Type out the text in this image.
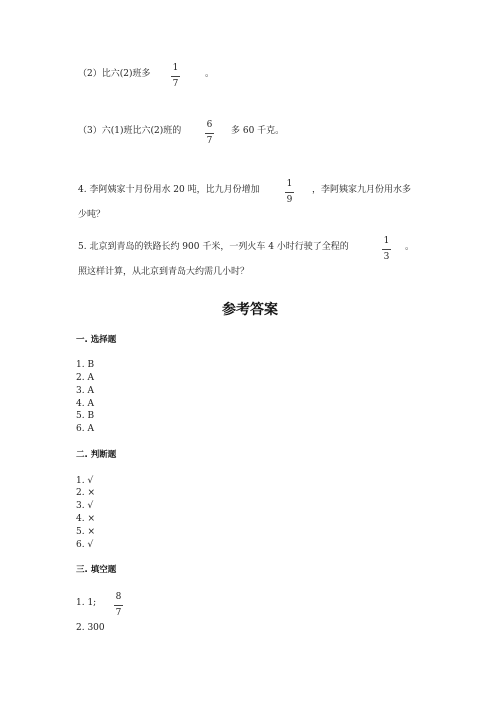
（2）比六(2)班多
1
7
。
（3）六(1)班比六(2)班的
6
7
多 60 千克。
4. 李阿姨家十月份用水 20 吨，比九月份增加
1
9
，李阿姨家九月份用水多
少吨？
5. 北京到青岛的铁路长约 900 千米，一列火车 4 小时行驶了全程的
1
3
。
照这样计算，从北京到青岛大约需几小时？
参考答案
一. 选择题
1. B
2. A
3. A
4. A
5. B
6. A
二. 判断题
1. √
2. ×
3. √
4. ×
5. ×
6. √
三. 填空题
1. 1;
8
7
2. 300
